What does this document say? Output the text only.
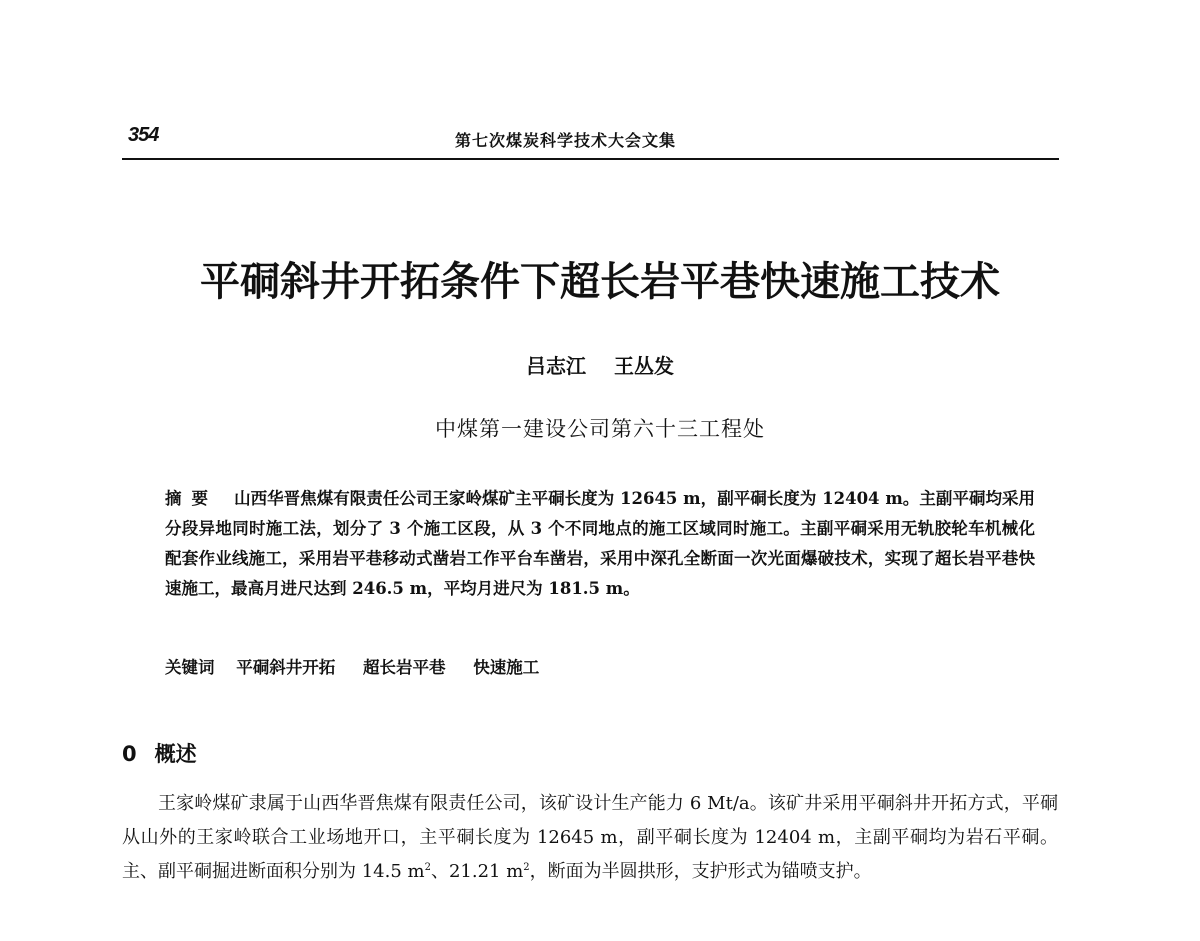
354	第七次煤炭科学技术大会文集
平硐斜井开拓条件下超长岩平巷快速施工技术
吕志江 王丛发
中煤第一建设公司第六十三工程处
摘要 山西华晋焦煤有限责任公司王家岭煤矿主平硐长度为 12645 m，副平硐长度为 12404 m。主副平硐均采用分段异地同时施工法，划分了 3 个施工区段，从 3 个不同地点的施工区域同时施工。主副平硐采用无轨胶轮车机械化配套作业线施工，采用岩平巷移动式凿岩工作平台车凿岩，采用中深孔全断面一次光面爆破技术，实现了超长岩平巷快速施工，最高月进尺达到 246.5 m，平均月进尺为 181.5 m。
关键词 平硐斜井开拓 超长岩平巷 快速施工
0 概述
王家岭煤矿隶属于山西华晋焦煤有限责任公司，该矿设计生产能力 6 Mt/a。该矿井采用平硐斜井开拓方式，平硐从山外的王家岭联合工业场地开口，主平硐长度为 12645 m，副平硐长度为 12404 m，主副平硐均为岩石平硐。主、副平硐掘进断面积分别为 14.5 $m^2$、21.21 $m^2$，断面为半圆拱形，支护形式为锚喷支护。
